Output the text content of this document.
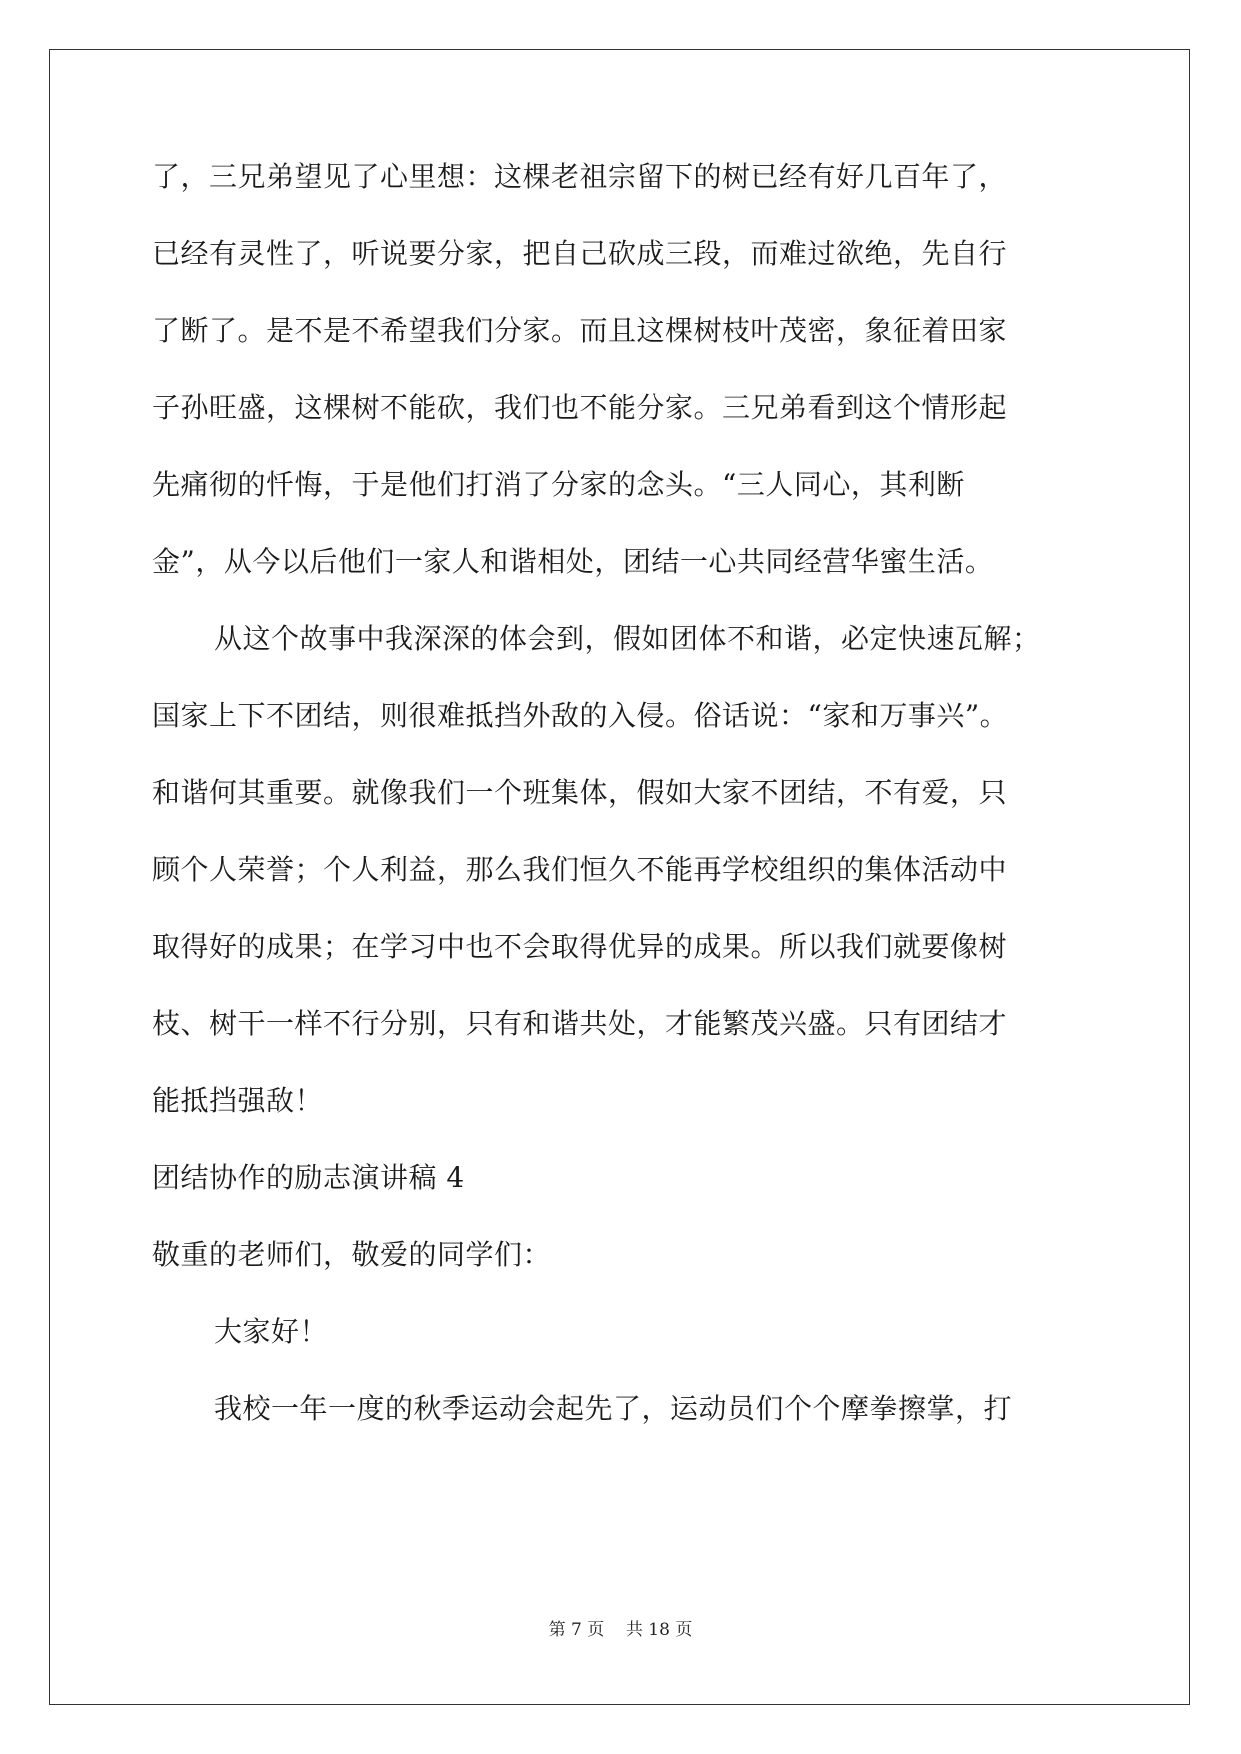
了，三兄弟望见了心里想：这棵老祖宗留下的树已经有好几百年了，
已经有灵性了，听说要分家，把自己砍成三段，而难过欲绝，先自行
了断了。是不是不希望我们分家。而且这棵树枝叶茂密，象征着田家
子孙旺盛，这棵树不能砍，我们也不能分家。三兄弟看到这个情形起
先痛彻的忏悔，于是他们打消了分家的念头。“三人同心，其利断
金”，从今以后他们一家人和谐相处，团结一心共同经营华蜜生活。
从这个故事中我深深的体会到，假如团体不和谐，必定快速瓦解；
国家上下不团结，则很难抵挡外敌的入侵。俗话说：“家和万事兴”。
和谐何其重要。就像我们一个班集体，假如大家不团结，不有爱，只
顾个人荣誉；个人利益，那么我们恒久不能再学校组织的集体活动中
取得好的成果；在学习中也不会取得优异的成果。所以我们就要像树
枝、树干一样不行分别，只有和谐共处，才能繁茂兴盛。只有团结才
能抵挡强敌！
团结协作的励志演讲稿 4
敬重的老师们，敬爱的同学们：
大家好！
我校一年一度的秋季运动会起先了，运动员们个个摩拳擦掌，打
第 7 页 共 18 页
